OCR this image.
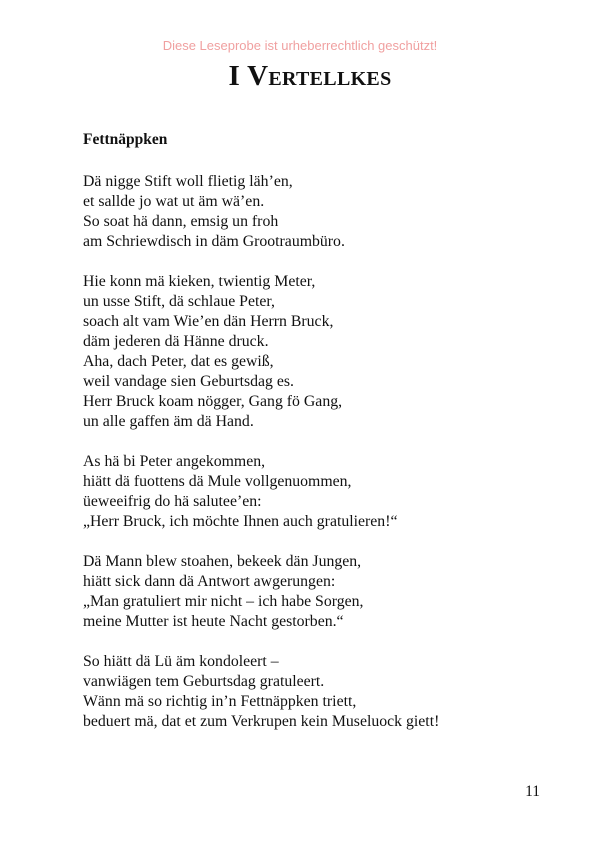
Diese Leseprobe ist urheberrechtlich geschützt!

I Vertellkes
Fettnäppken
Dä nigge Stift woll flietig läh’en,
et sallde jo wat ut äm wä’en.
So soat hä dann, emsig un froh
am Schriewdisch in däm Grootraumbüro.
Hie konn mä kieken, twientig Meter,
un usse Stift, dä schlaue Peter,
soach alt vam Wie’en dän Herrn Bruck,
däm jederen dä Hänne druck.
Aha, dach Peter, dat es gewiß,
weil vandage sien Geburtsdag es.
Herr Bruck koam nögger, Gang fö Gang,
un alle gaffen äm dä Hand.
As hä bi Peter angekommen,
hiätt dä fuottens dä Mule vollgenuommen,
üeweeifrig do hä salutee’en:
„Herr Bruck, ich möchte Ihnen auch gratulieren!“
Dä Mann blew stoahen, bekeek dän Jungen,
hiätt sick dann dä Antwort awgerungen:
„Man gratuliert mir nicht – ich habe Sorgen,
meine Mutter ist heute Nacht gestorben.“
So hiätt dä Lü äm kondoleert –
vanwiägen tem Geburtsdag gratuleert.
Wänn mä so richtig in’n Fettnäppken triett,
beduert mä, dat et zum Verkrupen kein Museluock giett!

11
